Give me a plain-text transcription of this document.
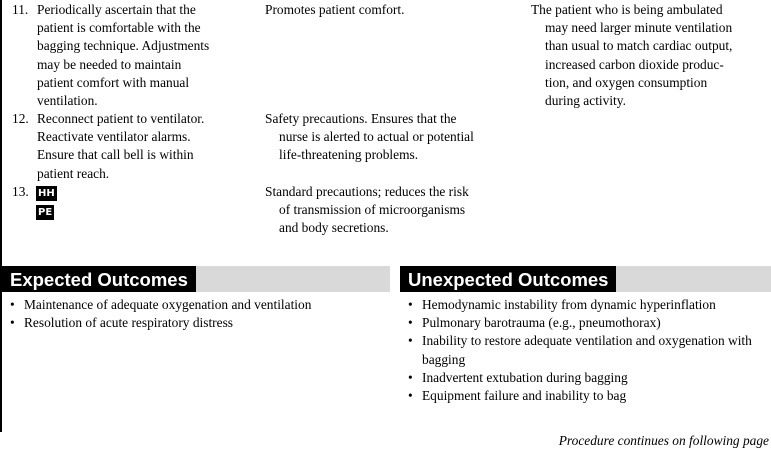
11. Periodically ascertain that the
patient is comfortable with the
bagging technique. Adjustments
may be needed to maintain
patient comfort with manual
ventilation.
Promotes patient comfort.	The patient who is being ambulated
may need larger minute ventilation
than usual to match cardiac output,
increased carbon dioxide produc-
tion, and oxygen consumption
during activity.
12. Reconnect patient to ventilator.
Reactivate ventilator alarms.
Ensure that call bell is within
patient reach.
Safety precautions. Ensures that the
nurse is alerted to actual or potential
life-threatening problems.
13. HH
PE
Standard precautions; reduces the risk
of transmission of microorganisms
and body secretions.
Expected Outcomes
• Maintenance of adequate oxygenation and ventilation
• Resolution of acute respiratory distress
Unexpected Outcomes
• Hemodynamic instability from dynamic hyperinflation
• Pulmonary barotrauma (e.g., pneumothorax)
• Inability to restore adequate ventilation and oxygenation with bagging
• Inadvertent extubation during bagging
• Equipment failure and inability to bag
Procedure continues on following page
